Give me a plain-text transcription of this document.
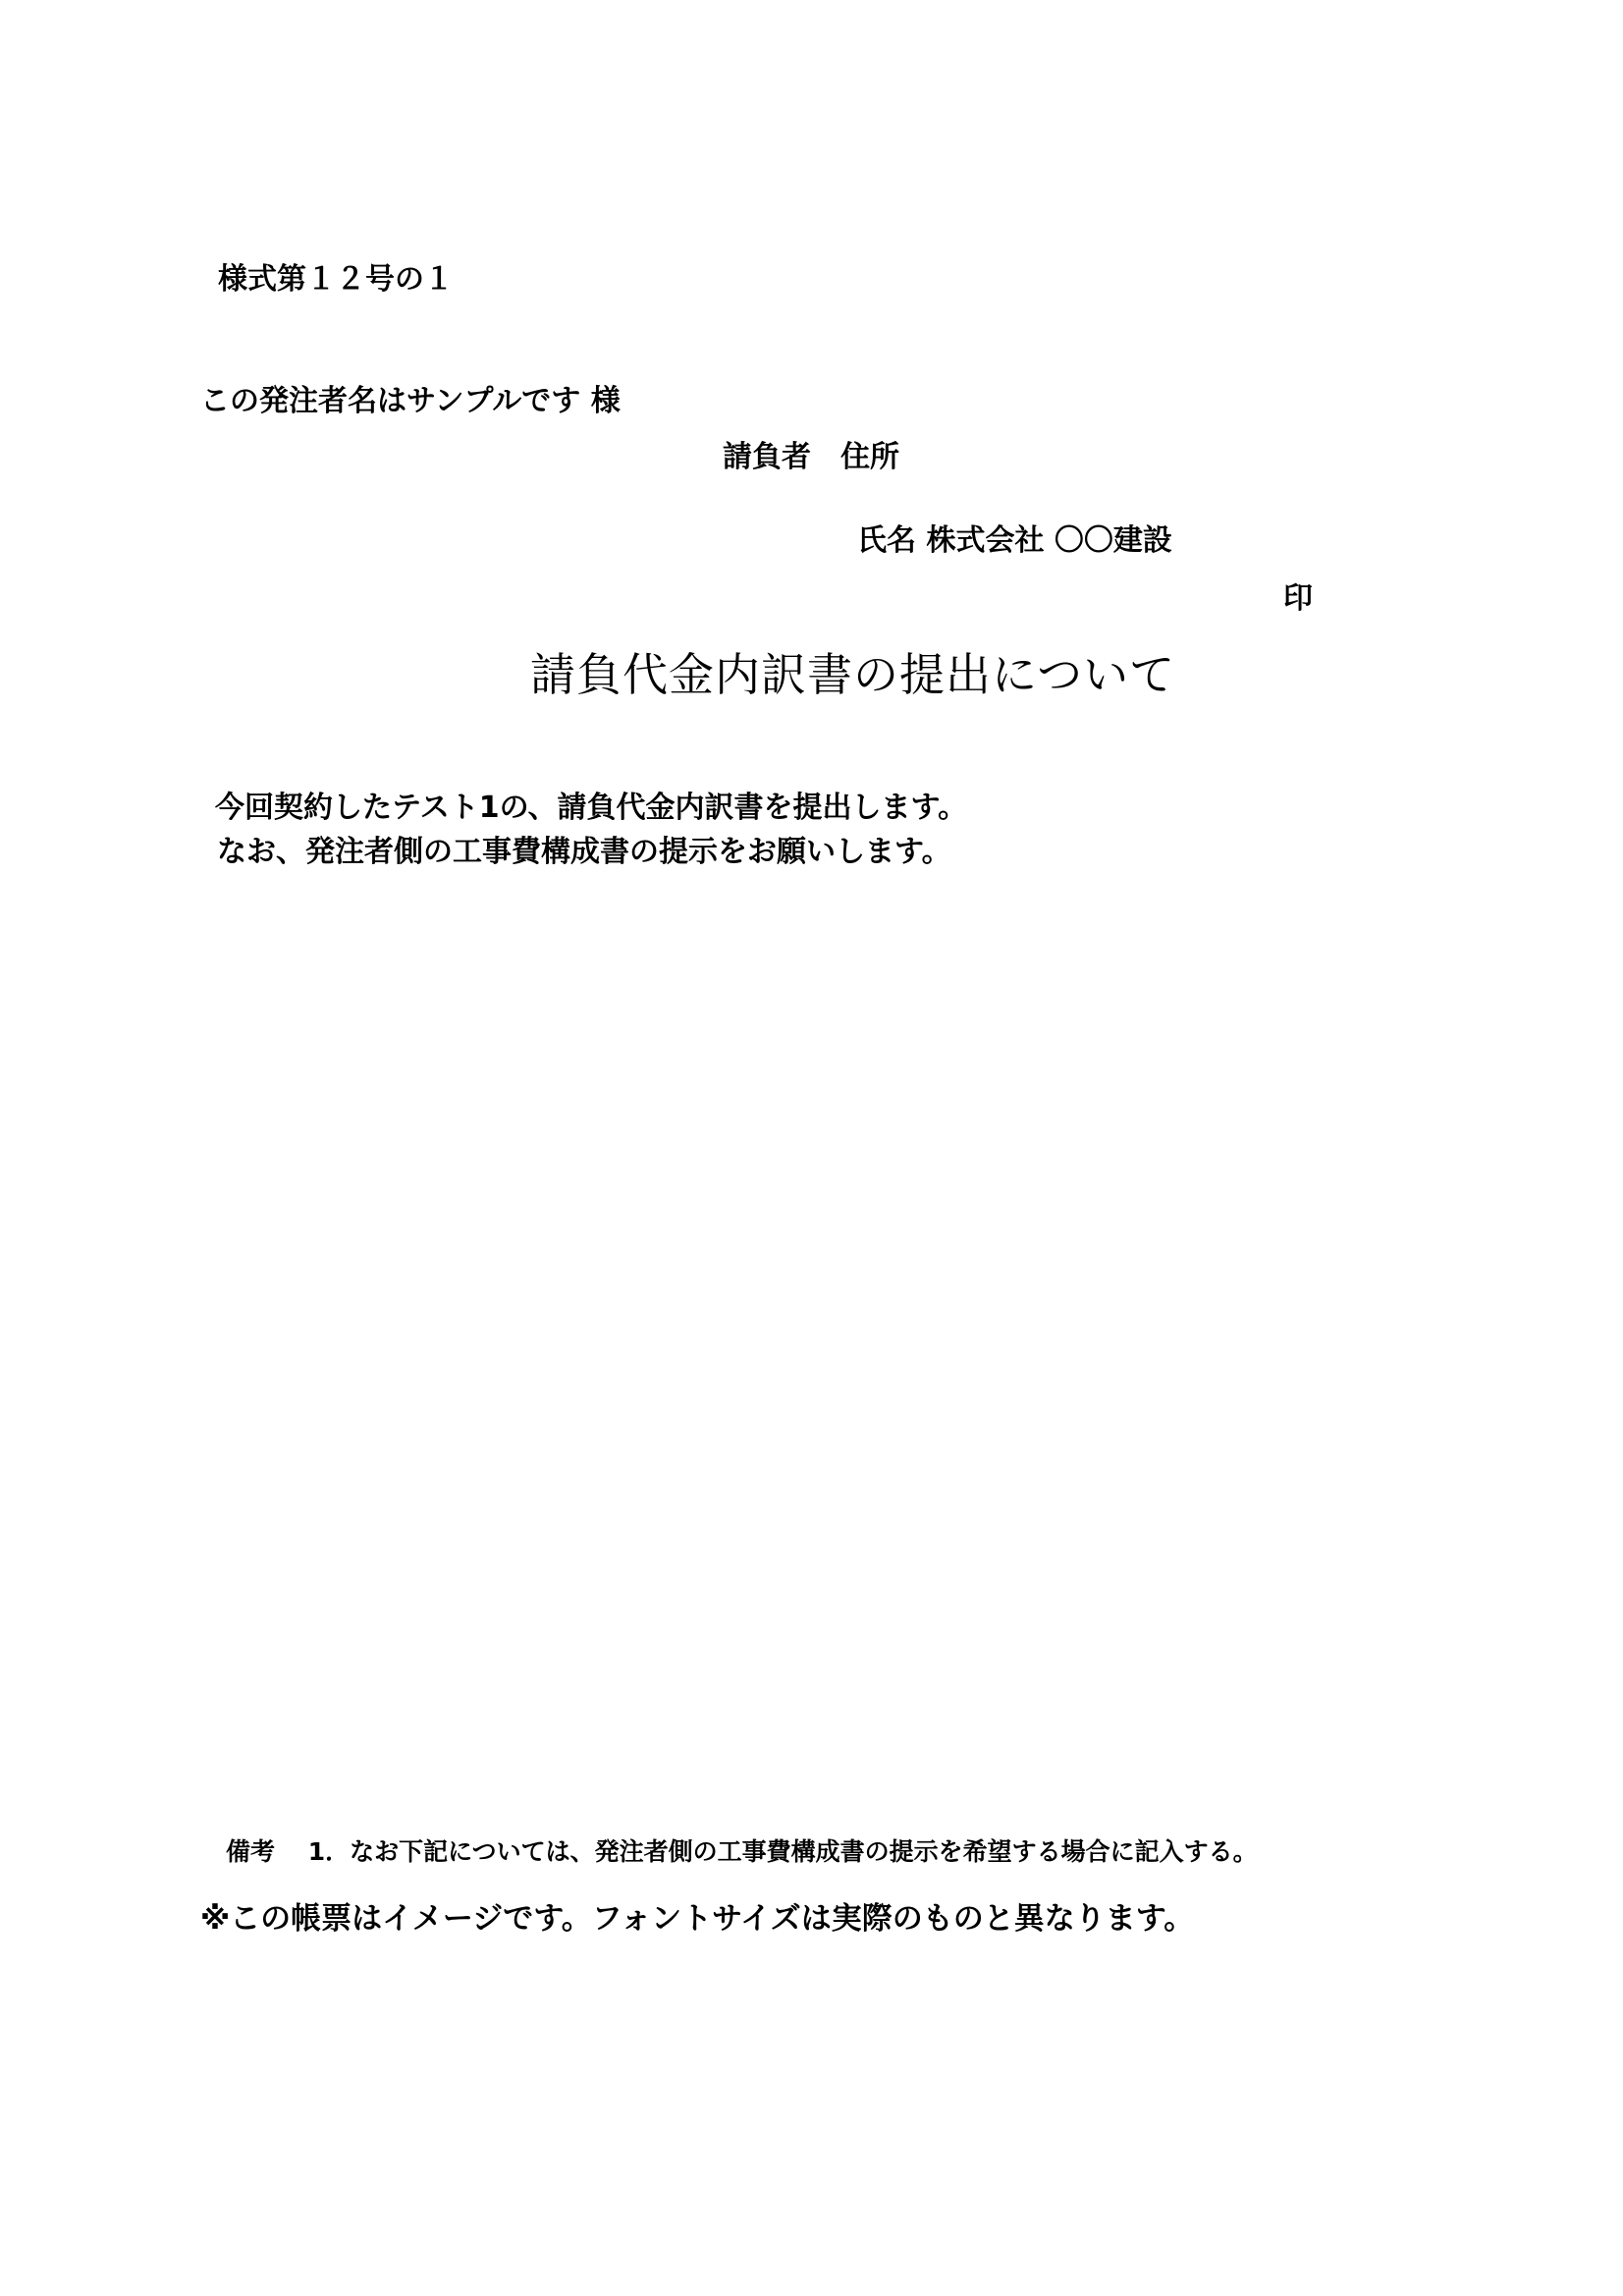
様式第１２号の１
この発注者名はサンプルです 様
請負者　住所
氏名 株式会社 〇〇建設
印
請負代金内訳書の提出について
今回契約したテスト1の、請負代金内訳書を提出します。
なお、発注者側の工事費構成書の提示をお願いします。
備考　 1．なお下記については、発注者側の工事費構成書の提示を希望する場合に記入する。
※この帳票はイメージです。フォントサイズは実際のものと異なります。
